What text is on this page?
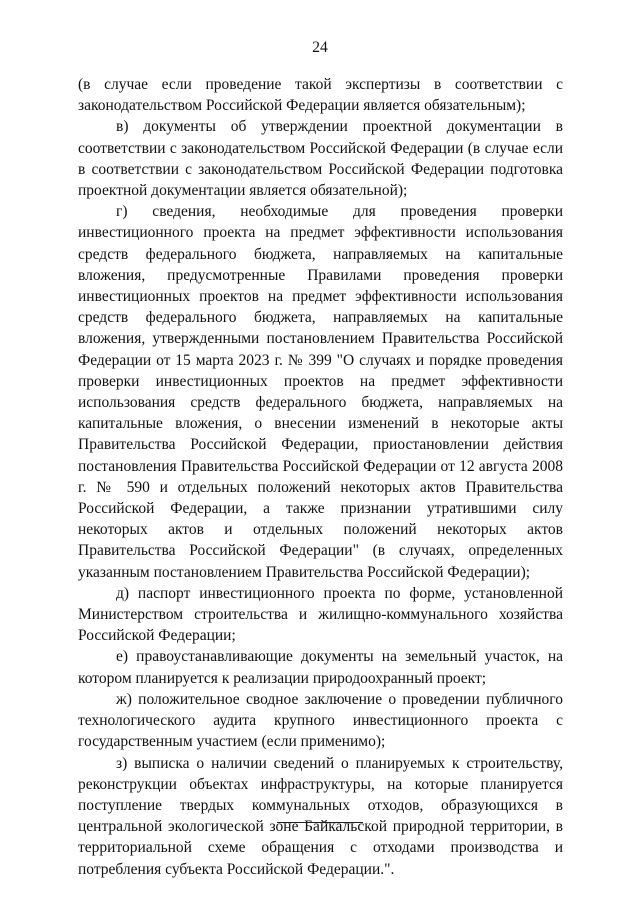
24

(в случае если проведение такой экспертизы в соответствии с законодательством Российской Федерации является обязательным);

в) документы об утверждении проектной документации в соответствии с законодательством Российской Федерации (в случае если в соответствии с законодательством Российской Федерации подготовка проектной документации является обязательной);

г) сведения, необходимые для проведения проверки инвестиционного проекта на предмет эффективности использования средств федерального бюджета, направляемых на капитальные вложения, предусмотренные Правилами проведения проверки инвестиционных проектов на предмет эффективности использования средств федерального бюджета, направляемых на капитальные вложения, утвержденными постановлением Правительства Российской Федерации от 15 марта 2023 г. № 399 "О случаях и порядке проведения проверки инвестиционных проектов на предмет эффективности использования средств федерального бюджета, направляемых на капитальные вложения, о внесении изменений в некоторые акты Правительства Российской Федерации, приостановлении действия постановления Правительства Российской Федерации от 12 августа 2008 г. № 590 и отдельных положений некоторых актов Правительства Российской Федерации, а также признании утратившими силу некоторых актов и отдельных положений некоторых актов Правительства Российской Федерации" (в случаях, определенных указанным постановлением Правительства Российской Федерации);

д) паспорт инвестиционного проекта по форме, установленной Министерством строительства и жилищно-коммунального хозяйства Российской Федерации;

е) правоустанавливающие документы на земельный участок, на котором планируется к реализации природоохранный проект;

ж) положительное сводное заключение о проведении публичного технологического аудита крупного инвестиционного проекта с государственным участием (если применимо);

з) выписка о наличии сведений о планируемых к строительству, реконструкции объектах инфраструктуры, на которые планируется поступление твердых коммунальных отходов, образующихся в центральной экологической зоне Байкальской природной территории, в территориальной схеме обращения с отходами производства и потребления субъекта Российской Федерации.".
